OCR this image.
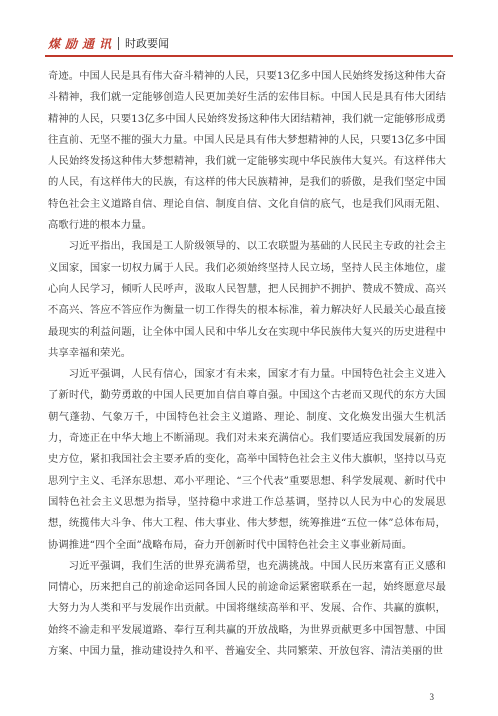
煤励通讯 时政要闻

奇迹。中国人民是具有伟大奋斗精神的人民，只要13亿多中国人民始终发扬这种伟大奋斗精神，我们就一定能够创造人民更加美好生活的宏伟目标。中国人民是具有伟大团结精神的人民，只要13亿多中国人民始终发扬这种伟大团结精神，我们就一定能够形成勇往直前、无坚不摧的强大力量。中国人民是具有伟大梦想精神的人民，只要13亿多中国人民始终发扬这种伟大梦想精神，我们就一定能够实现中华民族伟大复兴。有这样伟大的人民，有这样伟大的民族，有这样的伟大民族精神，是我们的骄傲，是我们坚定中国特色社会主义道路自信、理论自信、制度自信、文化自信的底气，也是我们风雨无阻、高歌行进的根本力量。

习近平指出，我国是工人阶级领导的、以工农联盟为基础的人民民主专政的社会主义国家，国家一切权力属于人民。我们必须始终坚持人民立场，坚持人民主体地位，虚心向人民学习，倾听人民呼声，汲取人民智慧，把人民拥护不拥护、赞成不赞成、高兴不高兴、答应不答应作为衡量一切工作得失的根本标准，着力解决好人民最关心最直接最现实的利益问题，让全体中国人民和中华儿女在实现中华民族伟大复兴的历史进程中共享幸福和荣光。

习近平强调，人民有信心，国家才有未来，国家才有力量。中国特色社会主义进入了新时代，勤劳勇敢的中国人民更加自信自尊自强。中国这个古老而又现代的东方大国朝气蓬勃、气象万千，中国特色社会主义道路、理论、制度、文化焕发出强大生机活力，奇迹正在中华大地上不断涌现。我们对未来充满信心。我们要适应我国发展新的历史方位，紧扣我国社会主要矛盾的变化，高举中国特色社会主义伟大旗帜，坚持以马克思列宁主义、毛泽东思想、邓小平理论、“三个代表”重要思想、科学发展观、新时代中国特色社会主义思想为指导，坚持稳中求进工作总基调，坚持以人民为中心的发展思想，统揽伟大斗争、伟大工程、伟大事业、伟大梦想，统筹推进“五位一体”总体布局，协调推进“四个全面”战略布局，奋力开创新时代中国特色社会主义事业新局面。

习近平强调，我们生活的世界充满希望，也充满挑战。中国人民历来富有正义感和同情心，历来把自己的前途命运同各国人民的前途命运紧密联系在一起，始终愿意尽最大努力为人类和平与发展作出贡献。中国将继续高举和平、发展、合作、共赢的旗帜，始终不渝走和平发展道路、奉行互利共赢的开放战略，为世界贡献更多中国智慧、中国方案、中国力量，推动建设持久和平、普遍安全、共同繁荣、开放包容、清洁美丽的世

3
